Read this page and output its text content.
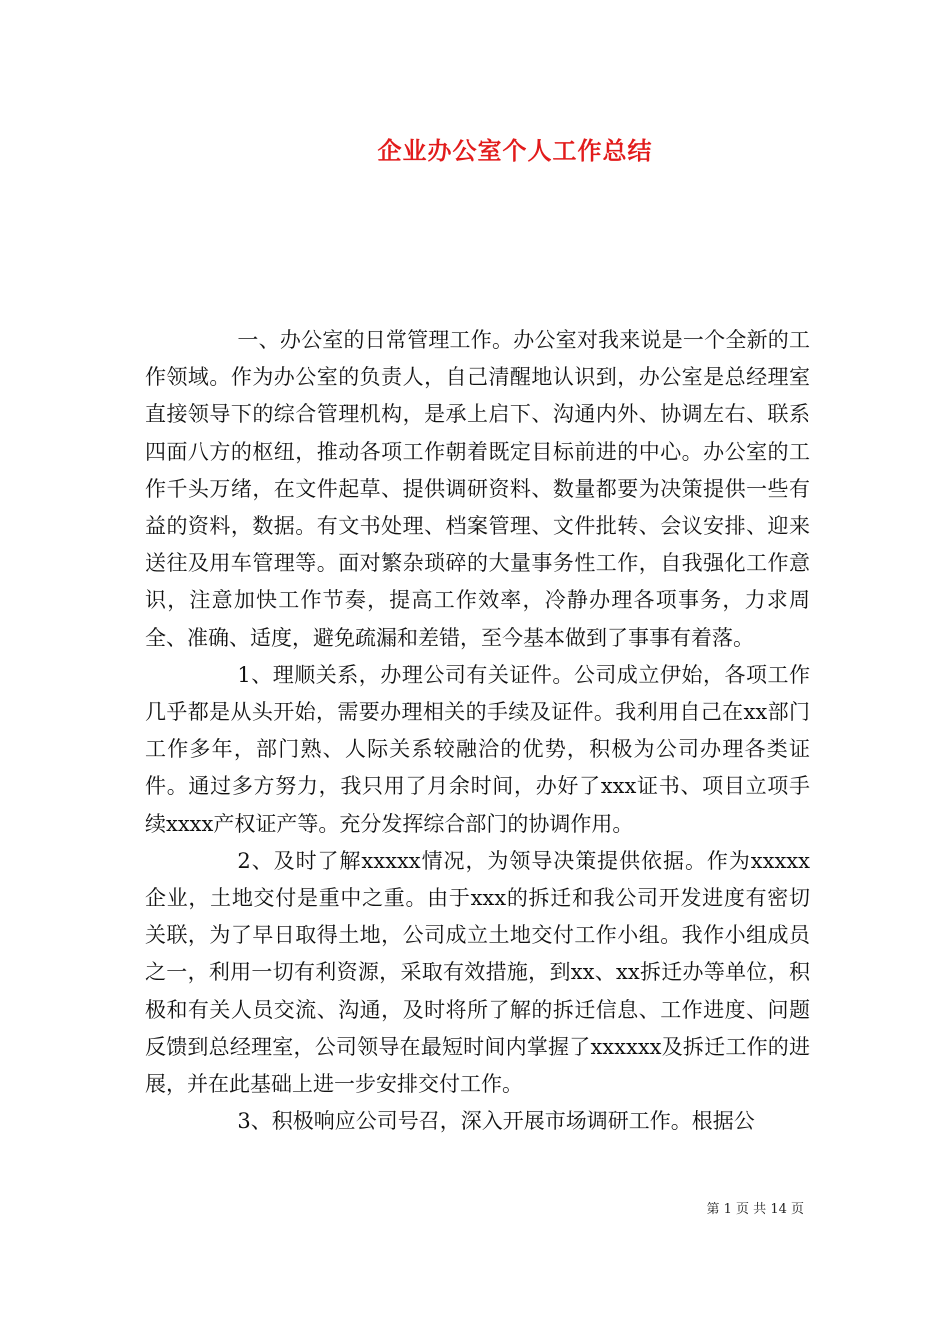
企业办公室个人工作总结

一、办公室的日常管理工作。办公室对我来说是一个全新的工作领域。作为办公室的负责人，自己清醒地认识到，办公室是总经理室直接领导下的综合管理机构，是承上启下、沟通内外、协调左右、联系四面八方的枢纽，推动各项工作朝着既定目标前进的中心。办公室的工作千头万绪，在文件起草、提供调研资料、数量都要为决策提供一些有益的资料，数据。有文书处理、档案管理、文件批转、会议安排、迎来送往及用车管理等。面对繁杂琐碎的大量事务性工作，自我强化工作意识，注意加快工作节奏，提高工作效率，冷静办理各项事务，力求周全、准确、适度，避免疏漏和差错，至今基本做到了事事有着落。

1、理顺关系，办理公司有关证件。公司成立伊始，各项工作几乎都是从头开始，需要办理相关的手续及证件。我利用自己在xx部门工作多年，部门熟、人际关系较融洽的优势，积极为公司办理各类证件。通过多方努力，我只用了月余时间，办好了xxx证书、项目立项手续xxxx产权证产等。充分发挥综合部门的协调作用。

2、及时了解xxxxx情况，为领导决策提供依据。作为xxxxx企业，土地交付是重中之重。由于xxx的拆迁和我公司开发进度有密切关联，为了早日取得土地，公司成立土地交付工作小组。我作小组成员之一，利用一切有利资源，采取有效措施，到xx、xx拆迁办等单位，积极和有关人员交流、沟通，及时将所了解的拆迁信息、工作进度、问题反馈到总经理室，公司领导在最短时间内掌握了xxxxxx及拆迁工作的进展，并在此基础上进一步安排交付工作。

3、积极响应公司号召，深入开展市场调研工作。根据公

第 1 页 共 14 页
